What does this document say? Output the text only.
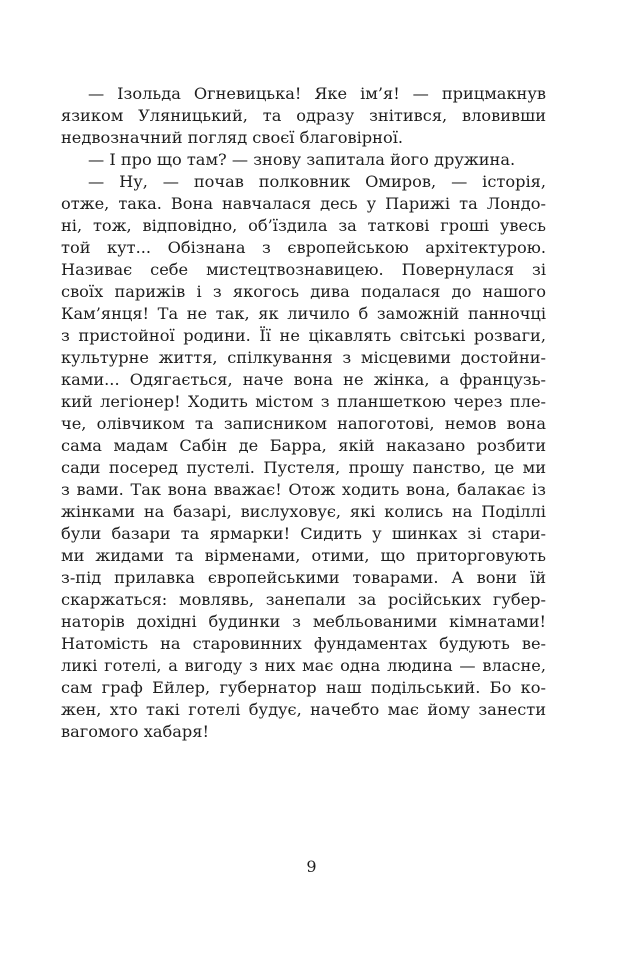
— Ізольда Огневицька! Яке ім’я! — прицмакнув
язиком Уляницький, та одразу знітився, вловивши
недвозначний погляд своєї благовірної.
— І про що там? — знову запитала його дружина.
— Ну, — почав полковник Омиров, — історія,
отже, така. Вона навчалася десь у Парижі та Лондо-
ні, тож, відповідно, об’їздила за таткові гроші увесь
той кут... Обізнана з європейською архітектурою.
Називає себе мистецтвознавицею. Повернулася зі
своїх парижів і з якогось дива подалася до нашого
Кам’янця! Та не так, як личило б заможній панночці
з пристойної родини. Її не цікавлять світські розваги,
культурне життя, спілкування з місцевими достойни-
ками... Одягається, наче вона не жінка, а французь-
кий легіонер! Ходить містом з планшеткою через пле-
че, олівчиком та записником напоготові, немов вона
сама мадам Сабін де Барра, якій наказано розбити
сади посеред пустелі. Пустеля, прошу панство, це ми
з вами. Так вона вважає! Отож ходить вона, балакає із
жінками на базарі, вислуховує, які колись на Поділлі
були базари та ярмарки! Сидить у шинках зі стари-
ми жидами та вірменами, отими, що приторговують
з-під прилавка європейськими товарами. А вони їй
скаржаться: мовлявь, занепали за російських губер-
наторів дохідні будинки з мебльованими кімнатами!
Натомість на старовинних фундаментах будують ве-
ликі готелі, а вигоду з них має одна людина — власне,
сам граф Ейлер, губернатор наш подільський. Бо ко-
жен, хто такі готелі будує, начебто має йому занести
вагомого хабаря!
9
